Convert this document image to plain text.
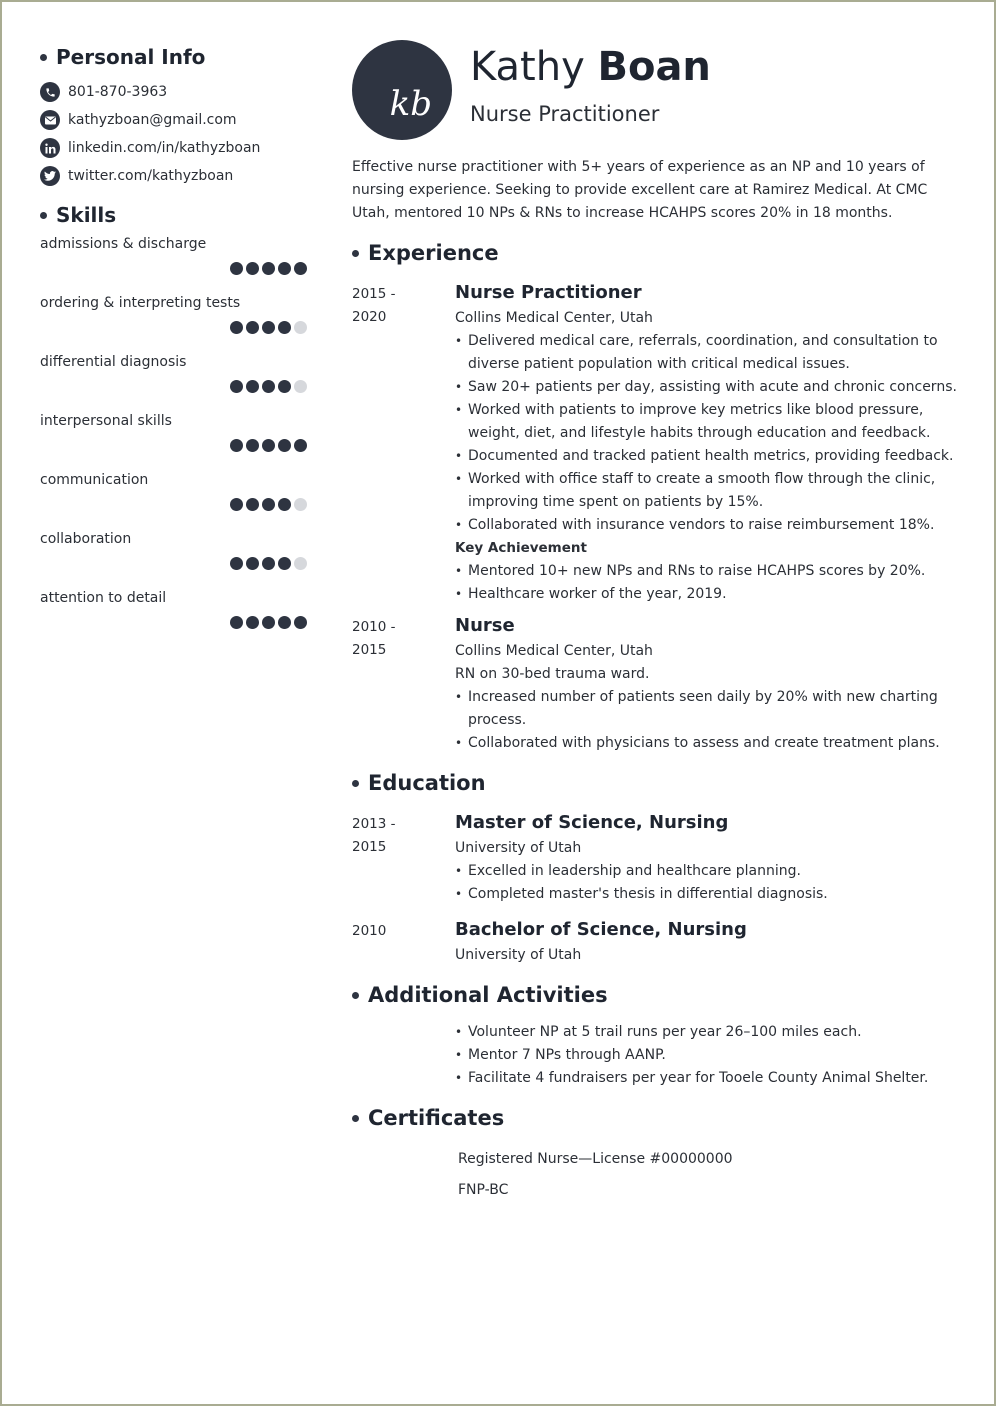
Personal Info
801-870-3963
kathyzboan@gmail.com
linkedin.com/in/kathyzboan
twitter.com/kathyzboan
Skills
admissions & discharge
ordering & interpreting tests
differential diagnosis
interpersonal skills
communication
collaboration
attention to detail
kb
Kathy Boan
Nurse Practitioner
Effective nurse practitioner with 5+ years of experience as an NP and 10 years of nursing experience. Seeking to provide excellent care at Ramirez Medical. At CMC Utah, mentored 10 NPs & RNs to increase HCAHPS scores 20% in 18 months.
Experience
2015 -
2020
Nurse Practitioner
Collins Medical Center, Utah
• Delivered medical care, referrals, coordination, and consultation to diverse patient population with critical medical issues.
• Saw 20+ patients per day, assisting with acute and chronic concerns.
• Worked with patients to improve key metrics like blood pressure, weight, diet, and lifestyle habits through education and feedback.
• Documented and tracked patient health metrics, providing feedback.
• Worked with office staff to create a smooth flow through the clinic, improving time spent on patients by 15%.
• Collaborated with insurance vendors to raise reimbursement 18%.
Key Achievement
• Mentored 10+ new NPs and RNs to raise HCAHPS scores by 20%.
• Healthcare worker of the year, 2019.
2010 -
2015
Nurse
Collins Medical Center, Utah
RN on 30-bed trauma ward.
• Increased number of patients seen daily by 20% with new charting process.
• Collaborated with physicians to assess and create treatment plans.
Education
2013 -
2015
Master of Science, Nursing
University of Utah
• Excelled in leadership and healthcare planning.
• Completed master's thesis in differential diagnosis.
2010	Bachelor of Science, Nursing
University of Utah
Additional Activities
• Volunteer NP at 5 trail runs per year 26–100 miles each.
• Mentor 7 NPs through AANP.
• Facilitate 4 fundraisers per year for Tooele County Animal Shelter.
Certificates
Registered Nurse—License #00000000
FNP-BC
